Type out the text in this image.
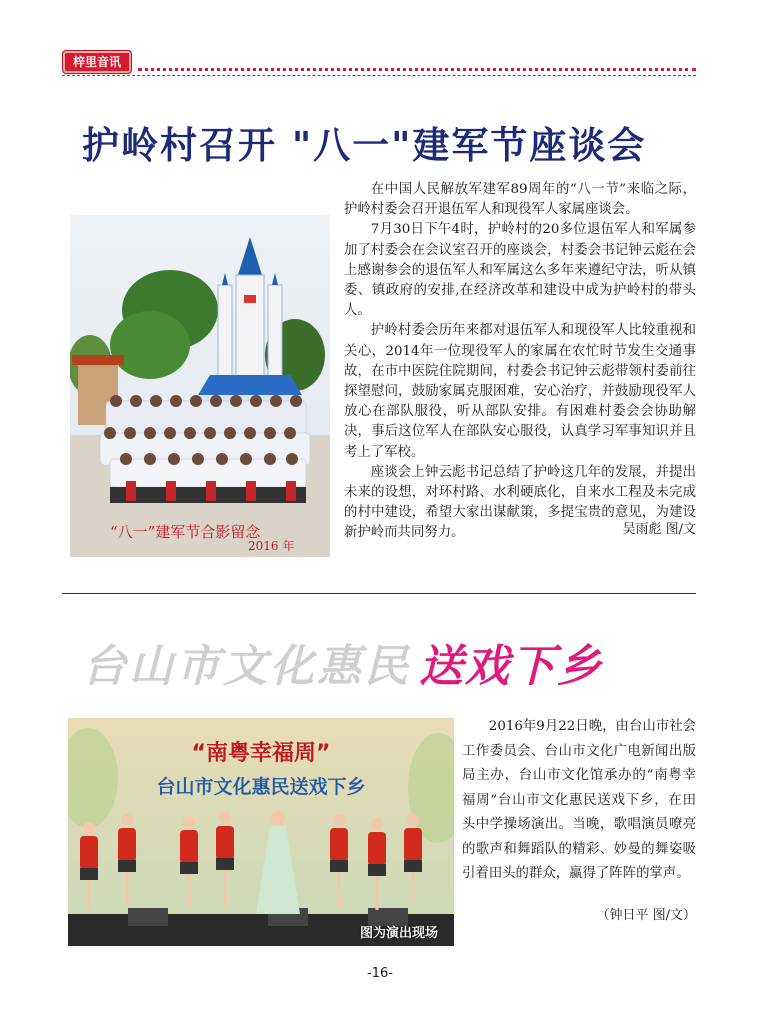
梓里音讯
护岭村召开 "八一"建军节座谈会
“八一”建军节合影留念
2016 年

在中国人民解放军建军89周年的“八一节”来临之际，护岭村委会召开退伍军人和现役军人家属座谈会。

7月30日下午4时，护岭村的20多位退伍军人和军属参加了村委会在会议室召开的座谈会，村委会书记钟云彪在会上感谢参会的退伍军人和军属这么多年来遵纪守法，听从镇委、镇政府的安排,在经济改革和建设中成为护岭村的带头人。

护岭村委会历年来都对退伍军人和现役军人比较重视和关心，2014年一位现役军人的家属在农忙时节发生交通事故，在市中医院住院期间，村委会书记钟云彪带领村委前往探望慰问，鼓励家属克服困难，安心治疗，并鼓励现役军人放心在部队服役，听从部队安排。有困难村委会会协助解决，事后这位军人在部队安心服役，认真学习军事知识并且考上了军校。

座谈会上钟云彪书记总结了护岭这几年的发展，并提出未来的设想，对环村路、水利硬底化，自来水工程及未完成的村中建设，希望大家出谋献策，多提宝贵的意见，为建设新护岭而共同努力。	吴雨彪 图/文
台山市文化惠民 送戏下乡
“南粤幸福周”
台山市文化惠民送戏下乡
图为演出现场

2016年9月22日晚，由台山市社会工作委员会、台山市文化广电新闻出版局主办，台山市文化馆承办的“南粤幸福周”台山市文化惠民送戏下乡，在田头中学操场演出。当晚，歌唱演员嘹亮的歌声和舞蹈队的精彩、妙曼的舞姿吸引着田头的群众，赢得了阵阵的掌声。

（钟日平 图/文）
-16-
